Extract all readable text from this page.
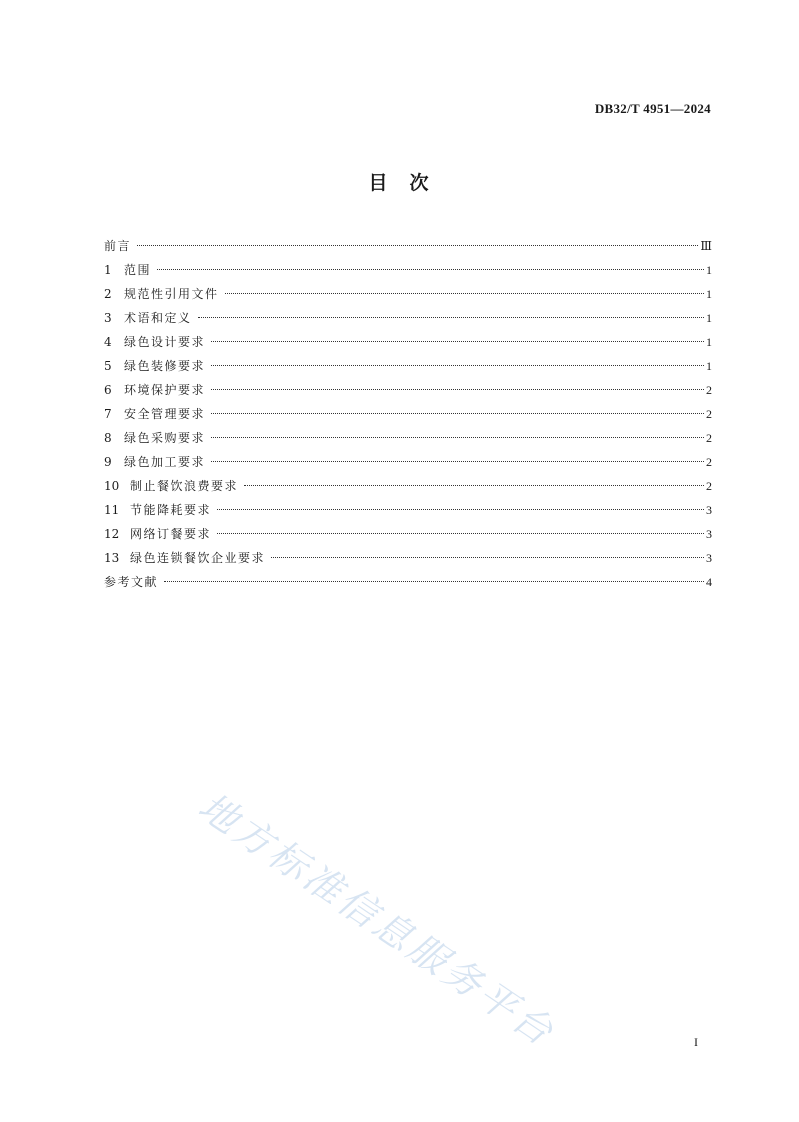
DB32/T 4951—2024
目 次
前言	Ⅲ
1	范围	1
2	规范性引用文件	1
3	术语和定义	1
4	绿色设计要求	1
5	绿色装修要求	1
6	环境保护要求	2
7	安全管理要求	2
8	绿色采购要求	2
9	绿色加工要求	2
10 制止餐饮浪费要求	2
11 节能降耗要求	3
12 网络订餐要求	3
13 绿色连锁餐饮企业要求	3
参考文献	4
地方标准信息服务平台	I
